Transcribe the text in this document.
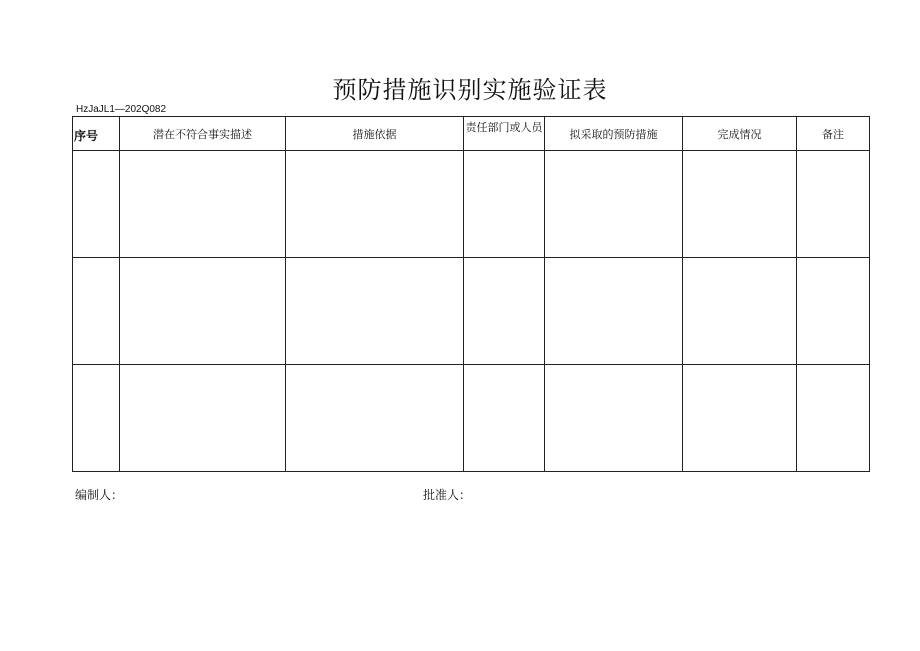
预防措施识别实施验证表
HzJaJL1—202Q082
序号	潜在不符合事实描述	措施依据	责任部门或人员	拟采取的预防措施	完成情况	备注

编制人：	批准人：
